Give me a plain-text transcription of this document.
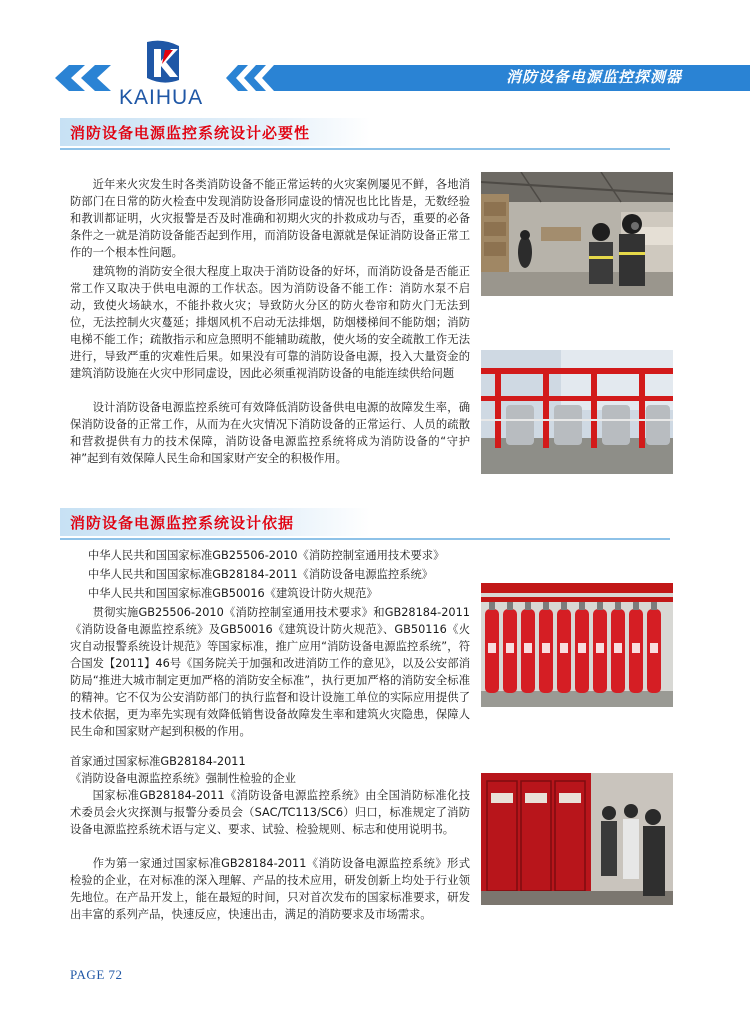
KAIHUA
消防设备电源监控探测器
消防设备电源监控系统设计必要性

近年来火灾发生时各类消防设备不能正常运转的火灾案例屡见不鲜，各地消防部门在日常的防火检查中发现消防设备形同虚设的情况也比比皆是，无数经验和教训都证明，火灾报警是否及时准确和初期火灾的扑救成功与否，重要的必备条件之一就是消防设备能否起到作用，而消防设备电源就是保证消防设备正常工作的一个根本性问题。

建筑物的消防安全很大程度上取决于消防设备的好坏，而消防设备是否能正常工作又取决于供电电源的工作状态。因为消防设备不能工作：消防水泵不启动，致使火场缺水，不能扑救火灾；导致防火分区的防火卷帘和防火门无法到位，无法控制火灾蔓延；排烟风机不启动无法排烟，防烟楼梯间不能防烟；消防电梯不能工作；疏散指示和应急照明不能辅助疏散，使火场的安全疏散工作无法进行，导致严重的灾难性后果。如果没有可靠的消防设备电源，投入大量资金的建筑消防设施在火灾中形同虚设，因此必须重视消防设备的电能连续供给问题

设计消防设备电源监控系统可有效降低消防设备供电电源的故障发生率，确保消防设备的正常工作，从而为在火灾情况下消防设备的正常运行、人员的疏散和营救提供有力的技术保障，消防设备电源监控系统将成为消防设备的“守护神”起到有效保障人民生命和国家财产安全的积极作用。

消防设备电源监控系统设计依据
中华人民共和国国家标准GB25506-2010《消防控制室通用技术要求》
中华人民共和国国家标准GB28184-2011《消防设备电源监控系统》
中华人民共和国国家标准GB50016《建筑设计防火规范》

贯彻实施GB25506-2010《消防控制室通用技术要求》和GB28184-2011《消防设备电源监控系统》及GB50016《建筑设计防火规范》、GB50116《火灾自动报警系统设计规范》等国家标准，推广应用“消防设备电源监控系统”，符合国发【2011】46号《国务院关于加强和改进消防工作的意见》，以及公安部消防局“推进大城市制定更加严格的消防安全标准”，执行更加严格的消防安全标准的精神。它不仅为公安消防部门的执行监督和设计设施工单位的实际应用提供了技术依据，更为率先实现有效降低销售设备故障发生率和建筑火灾隐患，保障人民生命和国家财产起到积极的作用。

首家通过国家标准GB28184-2011
《消防设备电源监控系统》强制性检验的企业

国家标准GB28184-2011《消防设备电源监控系统》由全国消防标准化技术委员会火灾探测与报警分委员会（SAC/TC113/SC6）归口，标准规定了消防设备电源监控系统术语与定义、要求、试验、检验规则、标志和使用说明书。

作为第一家通过国家标准GB28184-2011《消防设备电源监控系统》形式检验的企业，在对标准的深入理解、产品的技术应用，研发创新上均处于行业领先地位。在产品开发上，能在最短的时间，只对首次发布的国家标准要求，研发出丰富的系列产品，快速反应，快速出击，满足的消防要求及市场需求。

PAGE 72
